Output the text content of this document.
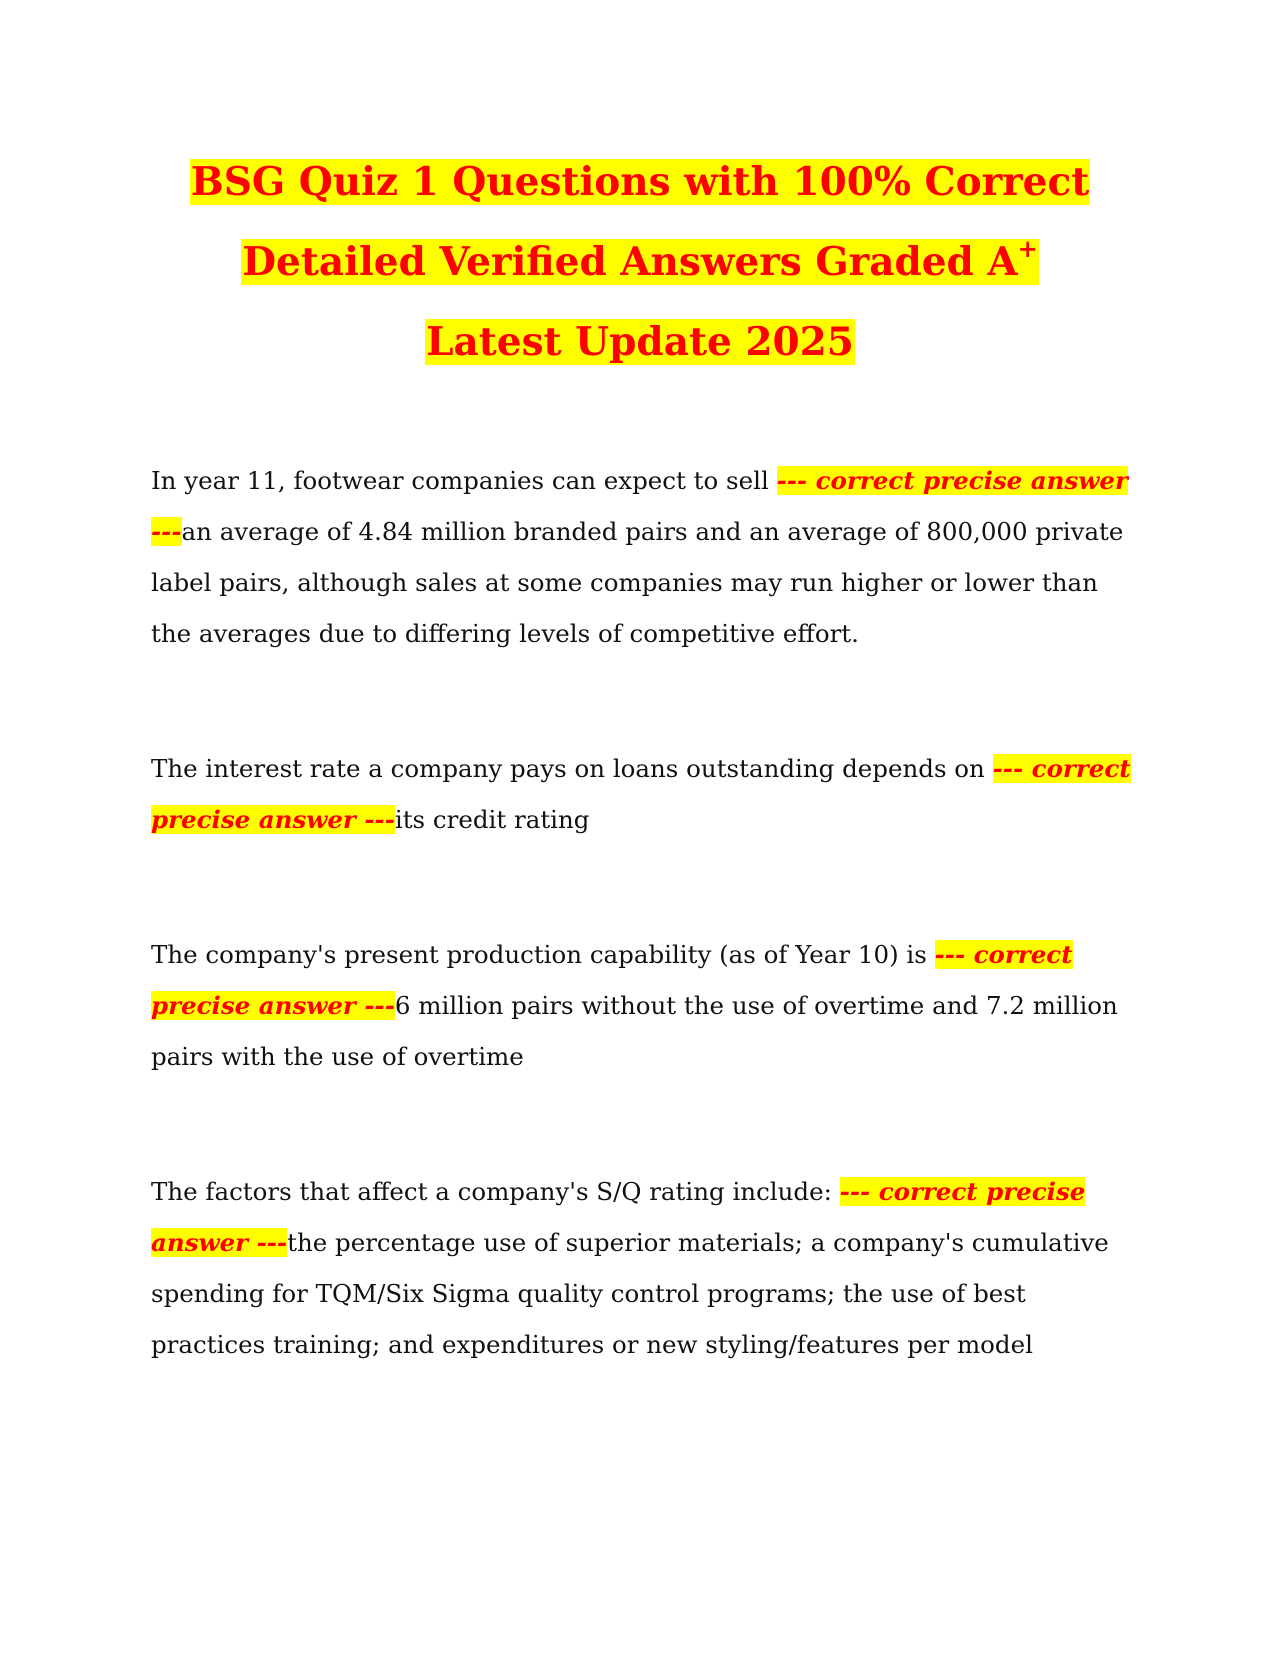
BSG Quiz 1 Questions with 100% Correct
Detailed Verified Answers Graded A+
Latest Update 2025

In year 11, footwear companies can expect to sell --- correct precise answer ---an average of 4.84 million branded pairs and an average of 800,000 private label pairs, although sales at some companies may run higher or lower than the averages due to differing levels of competitive effort.

The interest rate a company pays on loans outstanding depends on --- correct precise answer ---its credit rating

The company's present production capability (as of Year 10) is --- correct precise answer ---6 million pairs without the use of overtime and 7.2 million pairs with the use of overtime

The factors that affect a company's S/Q rating include: --- correct precise answer ---the percentage use of superior materials; a company's cumulative spending for TQM/Six Sigma quality control programs; the use of best practices training; and expenditures or new styling/features per model
